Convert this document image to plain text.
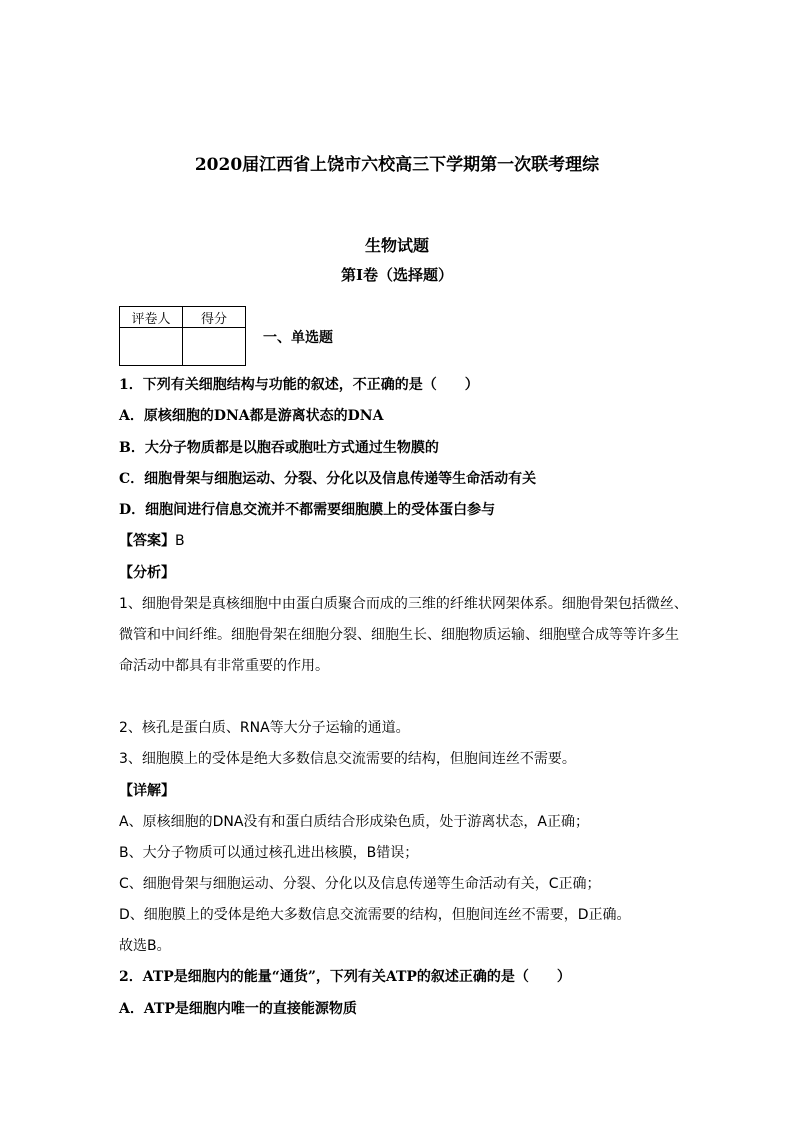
2020届江西省上饶市六校高三下学期第一次联考理综
生物试题
第I卷（选择题）
评卷人	得分

一、单选题
1．下列有关细胞结构与功能的叙述，不正确的是（　　）
A．原核细胞的DNA都是游离状态的DNA
B．大分子物质都是以胞吞或胞吐方式通过生物膜的
C．细胞骨架与细胞运动、分裂、分化以及信息传递等生命活动有关
D．细胞间进行信息交流并不都需要细胞膜上的受体蛋白参与
【答案】B
【分析】
1、细胞骨架是真核细胞中由蛋白质聚合而成的三维的纤维状网架体系。细胞骨架包括微丝、
微管和中间纤维。细胞骨架在细胞分裂、细胞生长、细胞物质运输、细胞壁合成等等许多生
命活动中都具有非常重要的作用。
2、核孔是蛋白质、RNA等大分子运输的通道。
3、细胞膜上的受体是绝大多数信息交流需要的结构，但胞间连丝不需要。
【详解】
A、原核细胞的DNA没有和蛋白质结合形成染色质，处于游离状态，A正确；
B、大分子物质可以通过核孔进出核膜，B错误；
C、细胞骨架与细胞运动、分裂、分化以及信息传递等生命活动有关，C正确；
D、细胞膜上的受体是绝大多数信息交流需要的结构，但胞间连丝不需要，D正确。
故选B。
2．ATP是细胞内的能量“通货”，下列有关ATP的叙述正确的是（　　）
A．ATP是细胞内唯一的直接能源物质
